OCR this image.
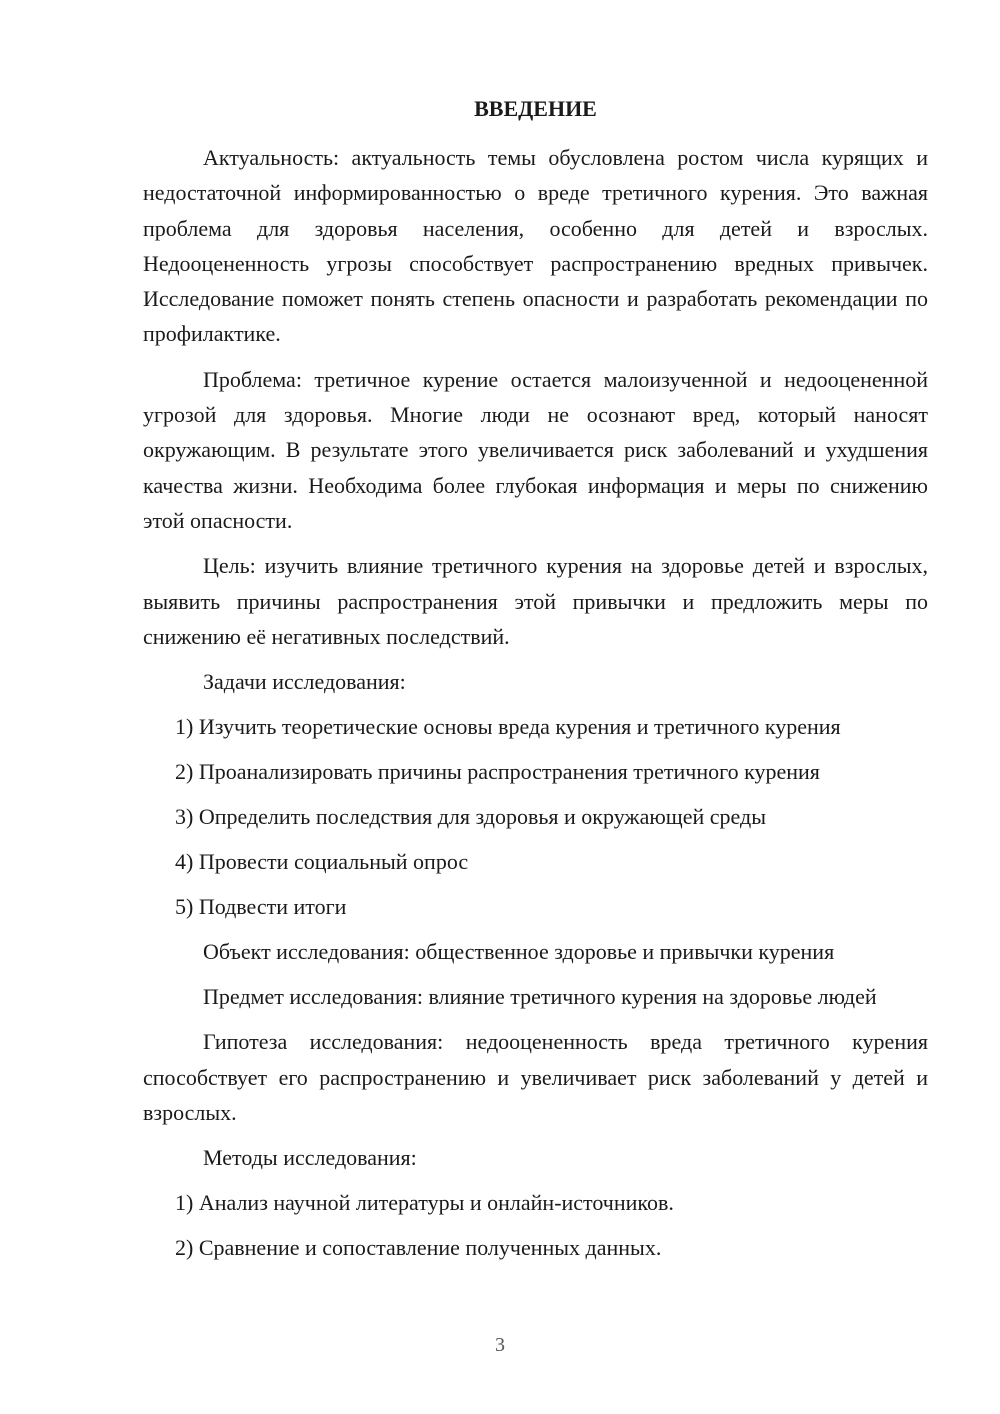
ВВЕДЕНИЕ

Актуальность: актуальность темы обусловлена ростом числа курящих и недостаточной информированностью о вреде третичного курения. Это важная проблема для здоровья населения, особенно для детей и взрослых. Недооцененность угрозы способствует распространению вредных привычек. Исследование поможет понять степень опасности и разработать рекомендации по профилактике.

Проблема: третичное курение остается малоизученной и недооцененной угрозой для здоровья. Многие люди не осознают вред, который наносят окружающим. В результате этого увеличивается риск заболеваний и ухудшения качества жизни. Необходима более глубокая информация и меры по снижению этой опасности.

Цель: изучить влияние третичного курения на здоровье детей и взрослых, выявить причины распространения этой привычки и предложить меры по снижению её негативных последствий.

Задачи исследования:
1) Изучить теоретические основы вреда курения и третичного курения
2) Проанализировать причины распространения третичного курения
3) Определить последствия для здоровья и окружающей среды
4) Провести социальный опрос
5) Подвести итоги
Объект исследования: общественное здоровье и привычки курения

Предмет исследования: влияние третичного курения на здоровье людей

Гипотеза исследования: недооцененность вреда третичного курения способствует его распространению и увеличивает риск заболеваний у детей и взрослых.

Методы исследования:
1) Анализ научной литературы и онлайн-источников.
2) Сравнение и сопоставление полученных данных.
3
